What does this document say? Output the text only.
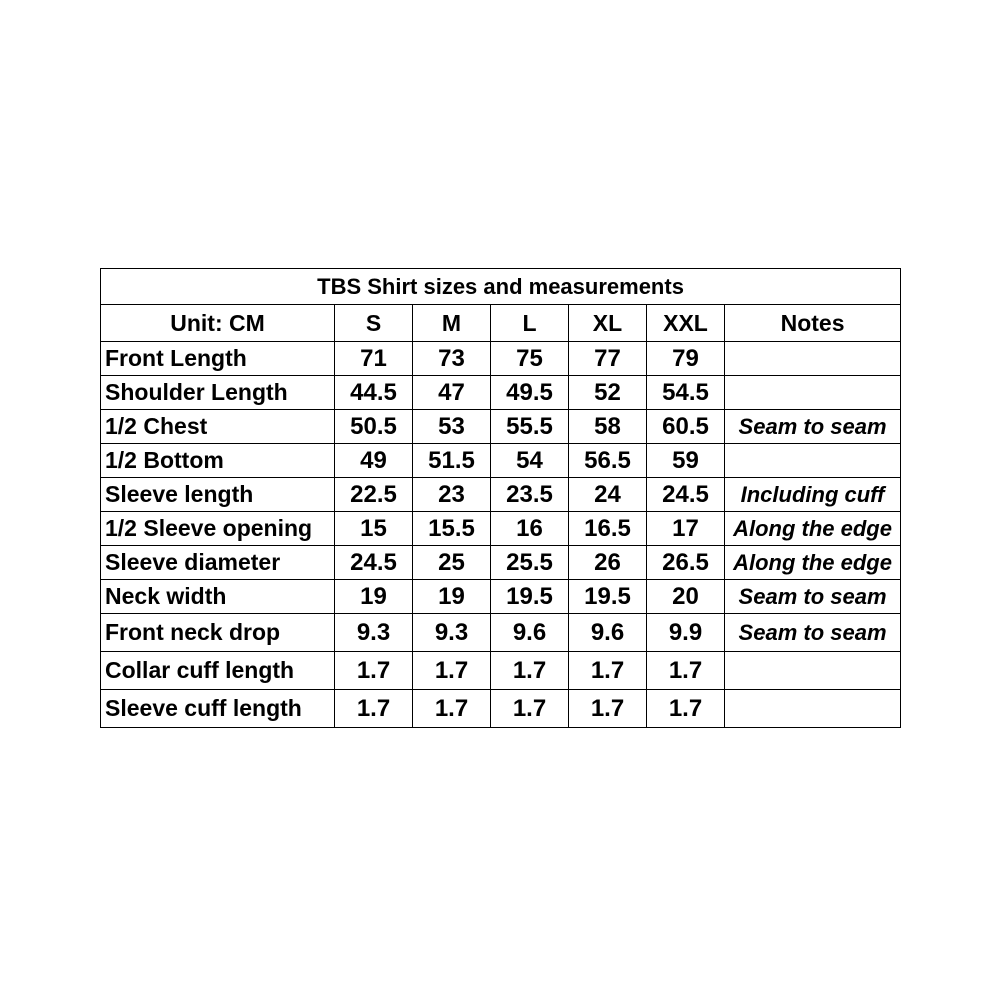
TBS Shirt sizes and measurements						
Unit: CM	S	M	L	XL	XXL	Notes
Front Length	71	73	75	77	79	
Shoulder Length	44.5	47	49.5	52	54.5	
1/2 Chest	50.5	53	55.5	58	60.5	Seam to seam
1/2 Bottom	49	51.5	54	56.5	59	
Sleeve length	22.5	23	23.5	24	24.5	Including cuff
1/2 Sleeve opening	15	15.5	16	16.5	17	Along the edge
Sleeve diameter	24.5	25	25.5	26	26.5	Along the edge
Neck width	19	19	19.5	19.5	20	Seam to seam
Front neck drop	9.3	9.3	9.6	9.6	9.9	Seam to seam
Collar cuff length	1.7	1.7	1.7	1.7	1.7	
Sleeve cuff length	1.7	1.7	1.7	1.7	1.7	
